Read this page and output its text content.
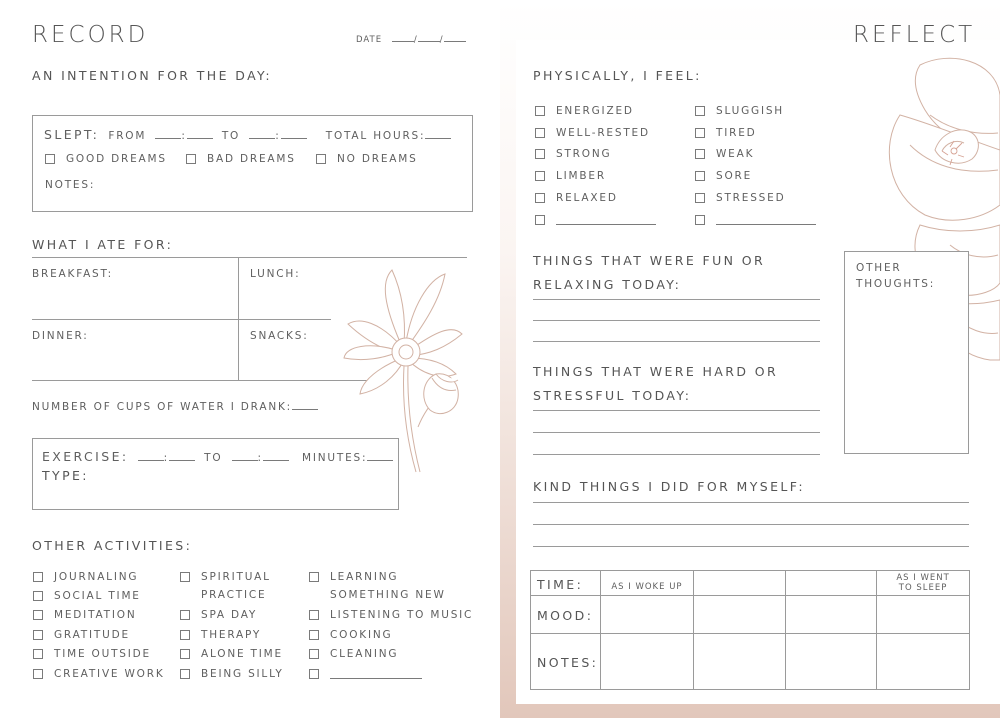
RECORD	DATE	/	/
AN INTENTION FOR THE DAY:
SLEPT: FROM	:	TO	:	TOTAL HOURS:
GOOD DREAMS	BAD DREAMS	NO DREAMS
NOTES:
WHAT I ATE FOR:
BREAKFAST:	LUNCH:
DINNER:	SNACKS:
NUMBER OF CUPS OF WATER I DRANK:
EXERCISE:	:	TO	:	MINUTES:
TYPE:
OTHER ACTIVITIES:
JOURNALING
SOCIAL TIME
MEDITATION
GRATITUDE
TIME OUTSIDE
CREATIVE WORK
SPIRITUAL
PRACTICE
SPA DAY
THERAPY
ALONE TIME
BEING SILLY
LEARNING
SOMETHING NEW
LISTENING TO MUSIC
COOKING
CLEANING
REFLECT
PHYSICALLY, I FEEL:
ENERGIZED
WELL-RESTED
STRONG
LIMBER
RELAXED
SLUGGISH
TIRED
WEAK
SORE
STRESSED
THINGS THAT WERE FUN OR
RELAXING TODAY:
OTHER
THOUGHTS:
THINGS THAT WERE HARD OR
STRESSFUL TODAY:
KIND THINGS I DID FOR MYSELF:
TIME:	AS I WOKE UP			AS I WENT
TO SLEEP

MOOD:				
NOTES:				
